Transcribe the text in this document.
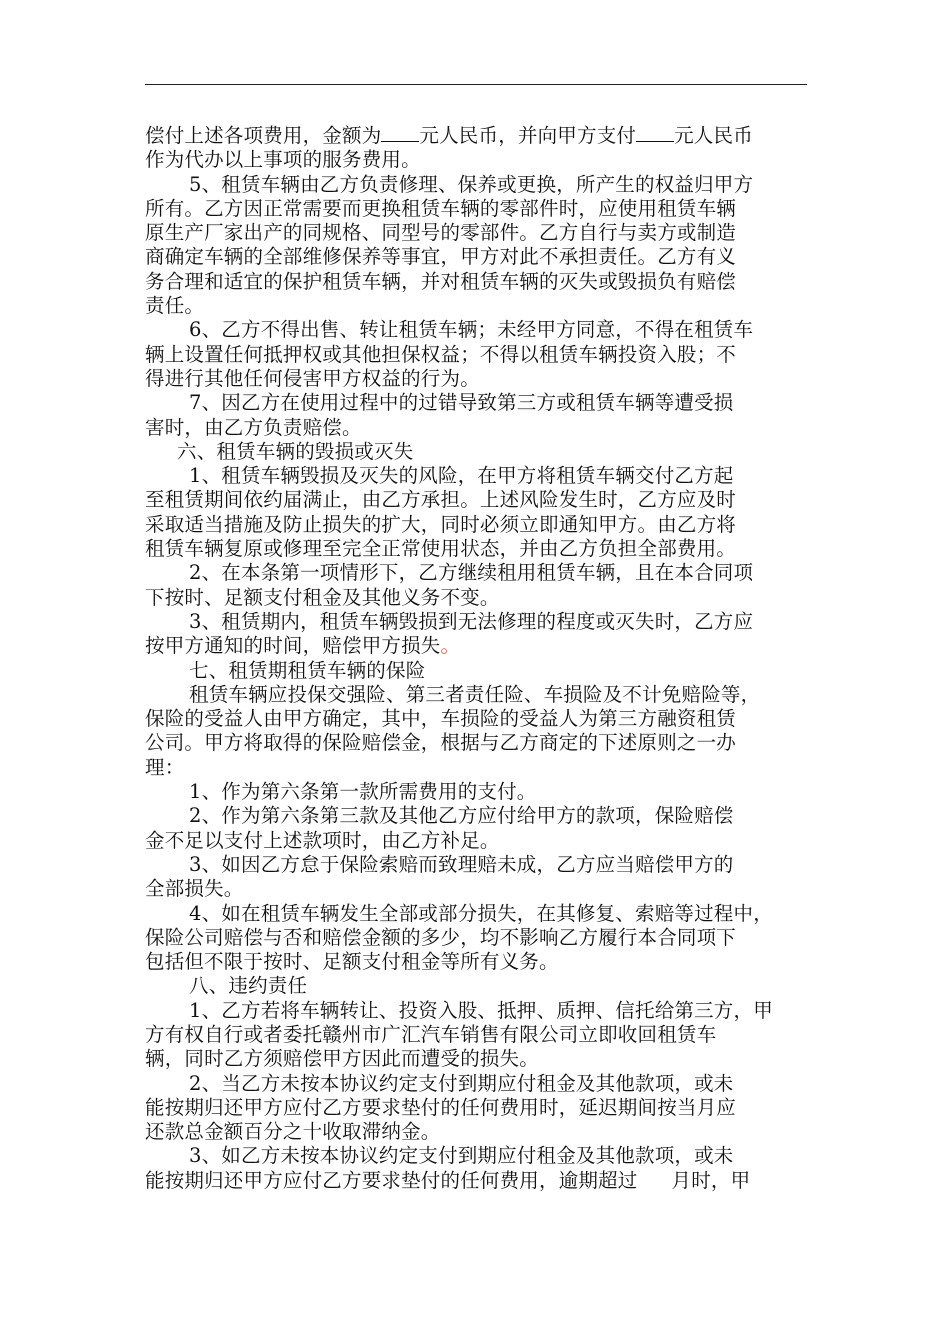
偿付上述各项费用，金额为 元人民币，并向甲方支付 元人民币
作为代办以上事项的服务费用。
5、租赁车辆由乙方负责修理、保养或更换，所产生的权益归甲方
所有。乙方因正常需要而更换租赁车辆的零部件时，应使用租赁车辆
原生产厂家出产的同规格、同型号的零部件。乙方自行与卖方或制造
商确定车辆的全部维修保养等事宜，甲方对此不承担责任。乙方有义
务合理和适宜的保护租赁车辆，并对租赁车辆的灭失或毁损负有赔偿
责任。
6、乙方不得出售、转让租赁车辆；未经甲方同意，不得在租赁车
辆上设置任何抵押权或其他担保权益；不得以租赁车辆投资入股；不
得进行其他任何侵害甲方权益的行为。
7、因乙方在使用过程中的过错导致第三方或租赁车辆等遭受损
害时，由乙方负责赔偿。
六、租赁车辆的毁损或灭失
1、租赁车辆毁损及灭失的风险，在甲方将租赁车辆交付乙方起
至租赁期间依约届满止，由乙方承担。上述风险发生时，乙方应及时
采取适当措施及防止损失的扩大，同时必须立即通知甲方。由乙方将
租赁车辆复原或修理至完全正常使用状态，并由乙方负担全部费用。
2、在本条第一项情形下，乙方继续租用租赁车辆，且在本合同项
下按时、足额支付租金及其他义务不变。
3、租赁期内，租赁车辆毁损到无法修理的程度或灭失时，乙方应
按甲方通知的时间，赔偿甲方损失。
七、租赁期租赁车辆的保险
租赁车辆应投保交强险、第三者责任险、车损险及不计免赔险等，
保险的受益人由甲方确定，其中，车损险的受益人为第三方融资租赁
公司。甲方将取得的保险赔偿金，根据与乙方商定的下述原则之一办
理：
1、作为第六条第一款所需费用的支付。
2、作为第六条第三款及其他乙方应付给甲方的款项，保险赔偿
金不足以支付上述款项时，由乙方补足。
3、如因乙方怠于保险索赔而致理赔未成，乙方应当赔偿甲方的
全部损失。
4、如在租赁车辆发生全部或部分损失，在其修复、索赔等过程中，
保险公司赔偿与否和赔偿金额的多少，均不影响乙方履行本合同项下
包括但不限于按时、足额支付租金等所有义务。
八、违约责任
1、乙方若将车辆转让、投资入股、抵押、质押、信托给第三方，甲
方有权自行或者委托赣州市广汇汽车销售有限公司立即收回租赁车
辆，同时乙方须赔偿甲方因此而遭受的损失。
2、当乙方未按本协议约定支付到期应付租金及其他款项，或未
能按期归还甲方应付乙方要求垫付的任何费用时，延迟期间按当月应
还款总金额百分之十收取滞纳金。
3、如乙方未按本协议约定支付到期应付租金及其他款项，或未
能按期归还甲方应付乙方要求垫付的任何费用，逾期超过 月时，甲
